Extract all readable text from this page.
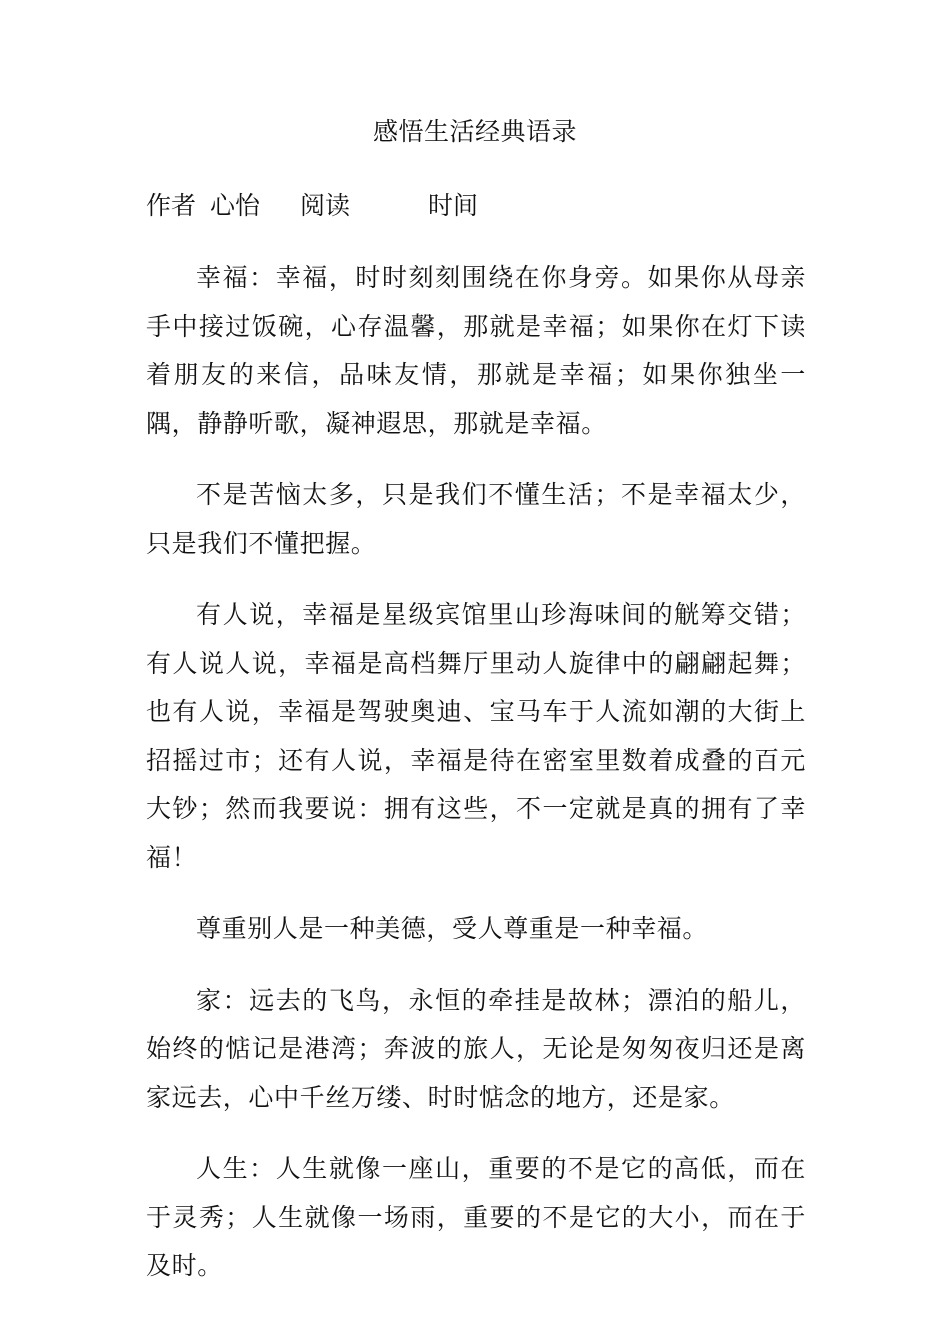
感悟生活经典语录
作者 心怡 阅读	时间

幸福：幸福，时时刻刻围绕在你身旁。如果你从母亲手中接过饭碗，心存温馨，那就是幸福；如果你在灯下读着朋友的来信，品味友情，那就是幸福；如果你独坐一隅，静静听歌，凝神遐思，那就是幸福。

不是苦恼太多，只是我们不懂生活；不是幸福太少，只是我们不懂把握。

有人说，幸福是星级宾馆里山珍海味间的觥筹交错；有人说人说，幸福是高档舞厅里动人旋律中的翩翩起舞；也有人说，幸福是驾驶奥迪、宝马车于人流如潮的大街上招摇过市；还有人说，幸福是待在密室里数着成叠的百元大钞；然而我要说：拥有这些，不一定就是真的拥有了幸福！

尊重别人是一种美德，受人尊重是一种幸福。

家：远去的飞鸟，永恒的牵挂是故林；漂泊的船儿，始终的惦记是港湾；奔波的旅人，无论是匆匆夜归还是离家远去，心中千丝万缕、时时惦念的地方，还是家。

人生：人生就像一座山，重要的不是它的高低，而在于灵秀；人生就像一场雨，重要的不是它的大小，而在于及时。
